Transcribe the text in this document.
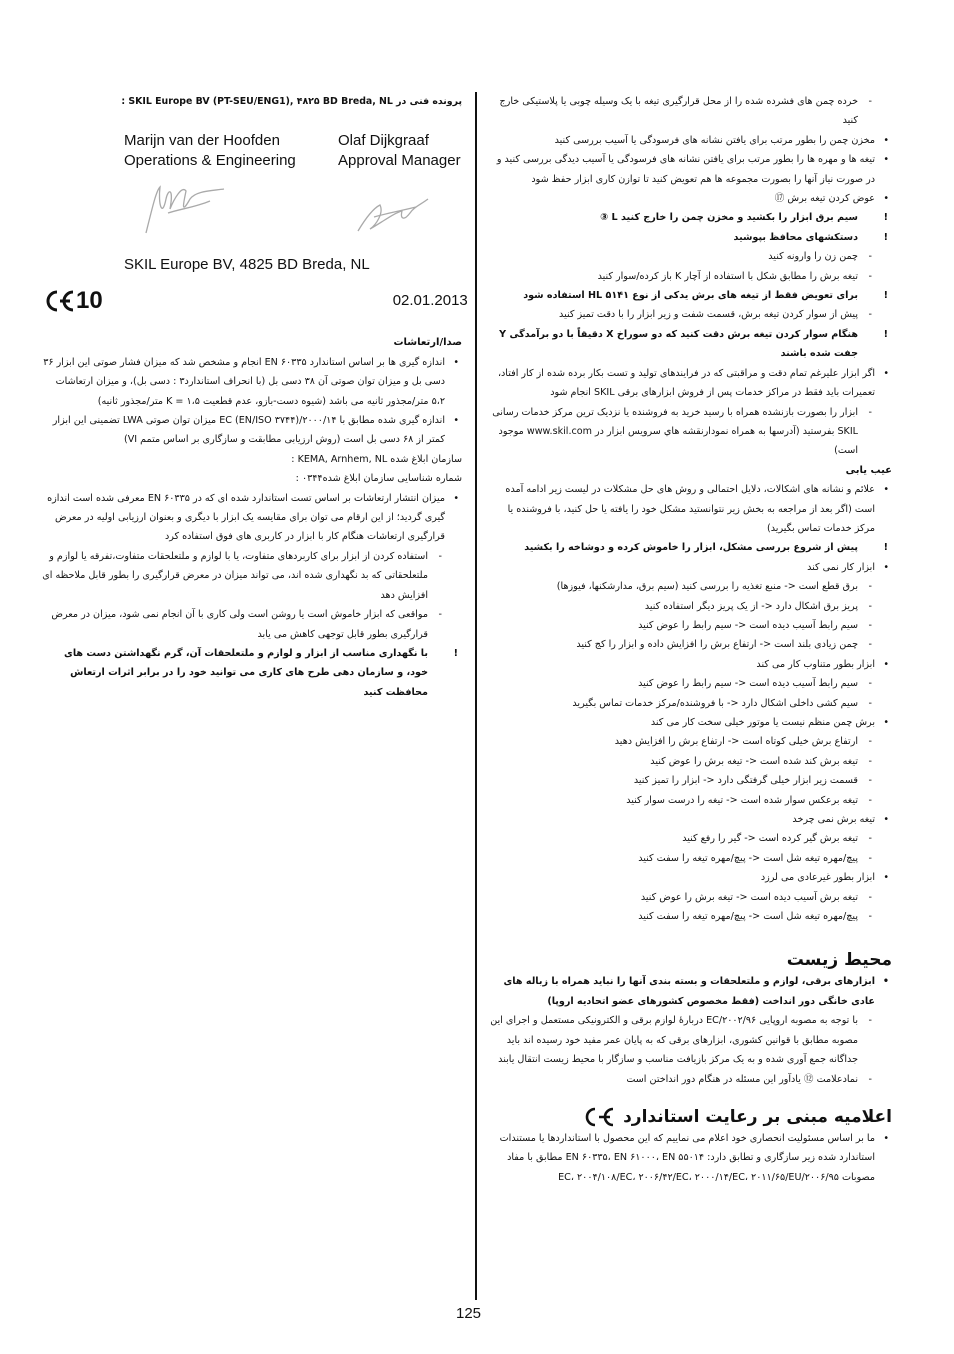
- خرده چمن های فشرده شده را از محل قرارگیری تیغه با یک وسیله چوبی یا پلاستیکی خارج کنید

• مخزن چمن را بطور مرتب برای یافتن نشانه های فرسودگی یا آسیب بررسی کنید

• تیغه ها و مهره ها را بطور مرتب برای یافتن نشانه های فرسودگی یا آسیب دیدگی بررسی کنید و در صورت نیاز آنها را بصورت مجموعه ها هم تعویض کنید تا توازن کاری ابزار حفظ شود

• عوض کردن تیغه برش ⑰

! سیم برق ابزار را بکشید و مخزن چمن را خارج کنید L ③

! دستکشهای محافظ بپوشید

- چمن زن را وارونه کنید

- تیغه برش را مطابق شکل با استفاده از آچار K باز کرده/سوار کنید

! برای تعویض فقط از تیغه های برش یدکی از نوع HL ۵۱۴۱ استفاده شود

- پیش از سوار کردن تیغه برش، قسمت شفت و زیر ابزار را با دقت تمیز کنید

! هنگام سوار کردن تیغه برش دقت کنید که دو سوراخ X دقیقاً با دو برآمدگی Y جفت شده باشند

• اگر ابزار علیرغم تمام دقت و مراقبتی که در فرایندهای تولید و تست بکار برده شده از کار افتاد، تعمیرات باید فقط در مراکز خدمات پس از فروش ابزارهای برقی SKIL انجام شود

- ابزار را بصورت بازنشده همراه با رسید خرید به فروشنده یا نزدیک ترین مرکز خدمات رسانی SKIL بفرستید (آدرسها به همراه نمودارنقشه هاي سرويس ابزار در www.skil.com موجود است)

عیب یابی

• علائم و نشانه های اشکالات، دلایل احتمالی و روش های حل مشکلات در لیست زیر ادامه آمده است (اگر بعد از مراجعه به بخش زیر نتوانستید مشکل خود را یافته یا حل کنید، با فروشنده یا مرکز خدمات تماس بگیرید)

! پیش از شروع بررسی مشکل، ابزار را خاموش کرده و دوشاخه را بکشید

• ابزار کار نمی کند

- برق قطع است <- منبع تغذیه را بررسی کنید (سیم برق، مدارشکنها، فیوزها)

- پریز برق اشکال دارد <- از یک پریز دیگر استفاده کنید

- سیم رابط آسیب دیده است <- سیم رابط را عوض کنید

- چمن زیادی بلند است <- ارتفاع برش را افزایش داده و ابزار را کج کنید

• ابزار بطور متناوب کار می کند

- سیم رابط آسیب دیده است <- سیم رابط را عوض کنید

- سیم کشی داخلی اشکال دارد <- با فروشنده/مرکز خدمات تماس بگیرید

• برش چمن منظم نیست یا موتور خیلی سخت کار می کند

- ارتفاع برش خیلی کوتاه است <- ارتفاع برش را افزایش دهید

- تیغه برش کند شده است <- تیغه برش را عوض کنید

- قسمت زیر ابزار خیلی گرفتگی دارد <- ابزار را تمیز کنید

- تیغه برعکس سوار شده است <- تیغه را درست سوار کنید

• تیغه برش نمی چرخد

- تیغه برش گیر کرده است <- گیر را رفع کنید

- پیچ/مهره تیغه شل است <- پیچ/مهره تیغه را سفت کنید

• ابزار بطور غیرعادی می لرزد

- تیغه برش آسیب دیده است <- تیغه برش را عوض کنید

- پیچ/مهره تیغه شل است <- پیچ/مهره تیغه را سفت کنید

محیط زیست

• ابزارهای برقی، لوازم و ملتعلحقات و بسته بندی آنها را نباید همراه با زباله های عادی خانگی دور انداخت (فقط مخصوص کشورهای عضو اتحادیه اروپا)

- با توجه به مصوبه اروپایی ۲۰۰۲/۹۶/EC دربارهٔ لوازم برقی و الکترونیکی مستعمل و اجرای این مصوبه مطابق با قوانین کشوری، ابزارهای برقی که به پایان عمر مفید خود رسیده اند باید جداگانه جمع آوری شده و به یک مرکز بازیافت مناسب و سازگار با محیط زیست انتقال یابند

- نمادعلامت ⑫ یادآور این مسئله در هنگام دور انداختن است

اعلامیه مبنی بر رعایت استاندارد

• ما بر اساس مسئولیت انحصاری خود اعلام می نماییم که این محصول با استانداردها یا مستندات استاندارد شده زیر سازگاری و تطابق دارد: EN ۶۰۳۳۵، EN ۶۱۰۰۰، EN ۵۵۰۱۴ مطابق با مفاد مصوبات ۲۰۰۶/۹۵/EC، ۲۰۰۴/۱۰۸/EC، ۲۰۰۶/۴۲/EC، ۲۰۰۰/۱۴/EC، ۲۰۱۱/۶۵/EU

پرونده فنی در SKIL Europe BV (PT-SEU/ENG1), ۴۸۲۵ BD Breda, NL :

Marijn van der Hoofden
Operations & Engineering
Olaf Dijkgraaf
Approval Manager
SKIL Europe BV, 4825 BD Breda, NL
10	02.01.2013

صدا/ارتعاشات

• اندازه گیری ها بر اساس استاندارد EN ۶۰۳۳۵ انجام و مشخص شد که میزان فشار صوتی این ابزار ۳۶ دسی بل و میزان توان صوتی آن ۳۸ دسی بل (با انحراف استاندارد۳ : دسی بل)، و میزان ارتعاشات ۵،۲ متر/مجذور ثانیه می باشد (شیوه دست-بازو، عدم قطعیت K = ۱،۵ متر/مجذور ثانیه)

• اندازه گیری شده مطابق با ۲۰۰۰/۱۴/EC (EN/ISO ۳۷۴۴) میزان توان صوتی LWA تضمینی این ابزار کمتر از ۶۸ دسی بل است (روش ارزیابی مطابقت و سازگاری بر اساس متمم VI)

سازمان ابلاغ شده KEMA, Arnhem, NL :

شماره شناسایی سازمان ابلاغ شده۰۳۴۴ :

• میزان انتشار ارتعاشات بر اساس تست استاندارد شده ای که در EN ۶۰۳۳۵ معرفی شده است اندازه گیری گردید؛ از این ارقام می توان برای مقایسه یک ابزار با دیگری و بعنوان ارزیابی اولیه در معرض قرارگیری ارتعاشات هنگام کار با ابزار در کاربری های فوق استفاده کرد

- استفاده کردن از ابزار برای کاربردهای متفاوت، یا با لوازم و ملتعلحقات متفاوت،تفرقه یا لوازم و ملتعلحقاتی که بد نگهداری شده اند، می تواند میزان در معرض قرارگیری را بطور قابل ملاحظه ای افزایش دهد

- مواقعی که ابزار خاموش است یا روشن است ولی کاری با آن انجام نمی شود، میزان در معرض قرارگیری بطور قابل توجهی کاهش می یابد

! با نگهداری مناسب از ابزار و لوازم و ملتعلحقات آن، گرم نگهداشتن دست های خود، و سازمان دهی طرح های کاری می توانید خود را در برابر اثرات ارتعاش محافظت کنید

125
